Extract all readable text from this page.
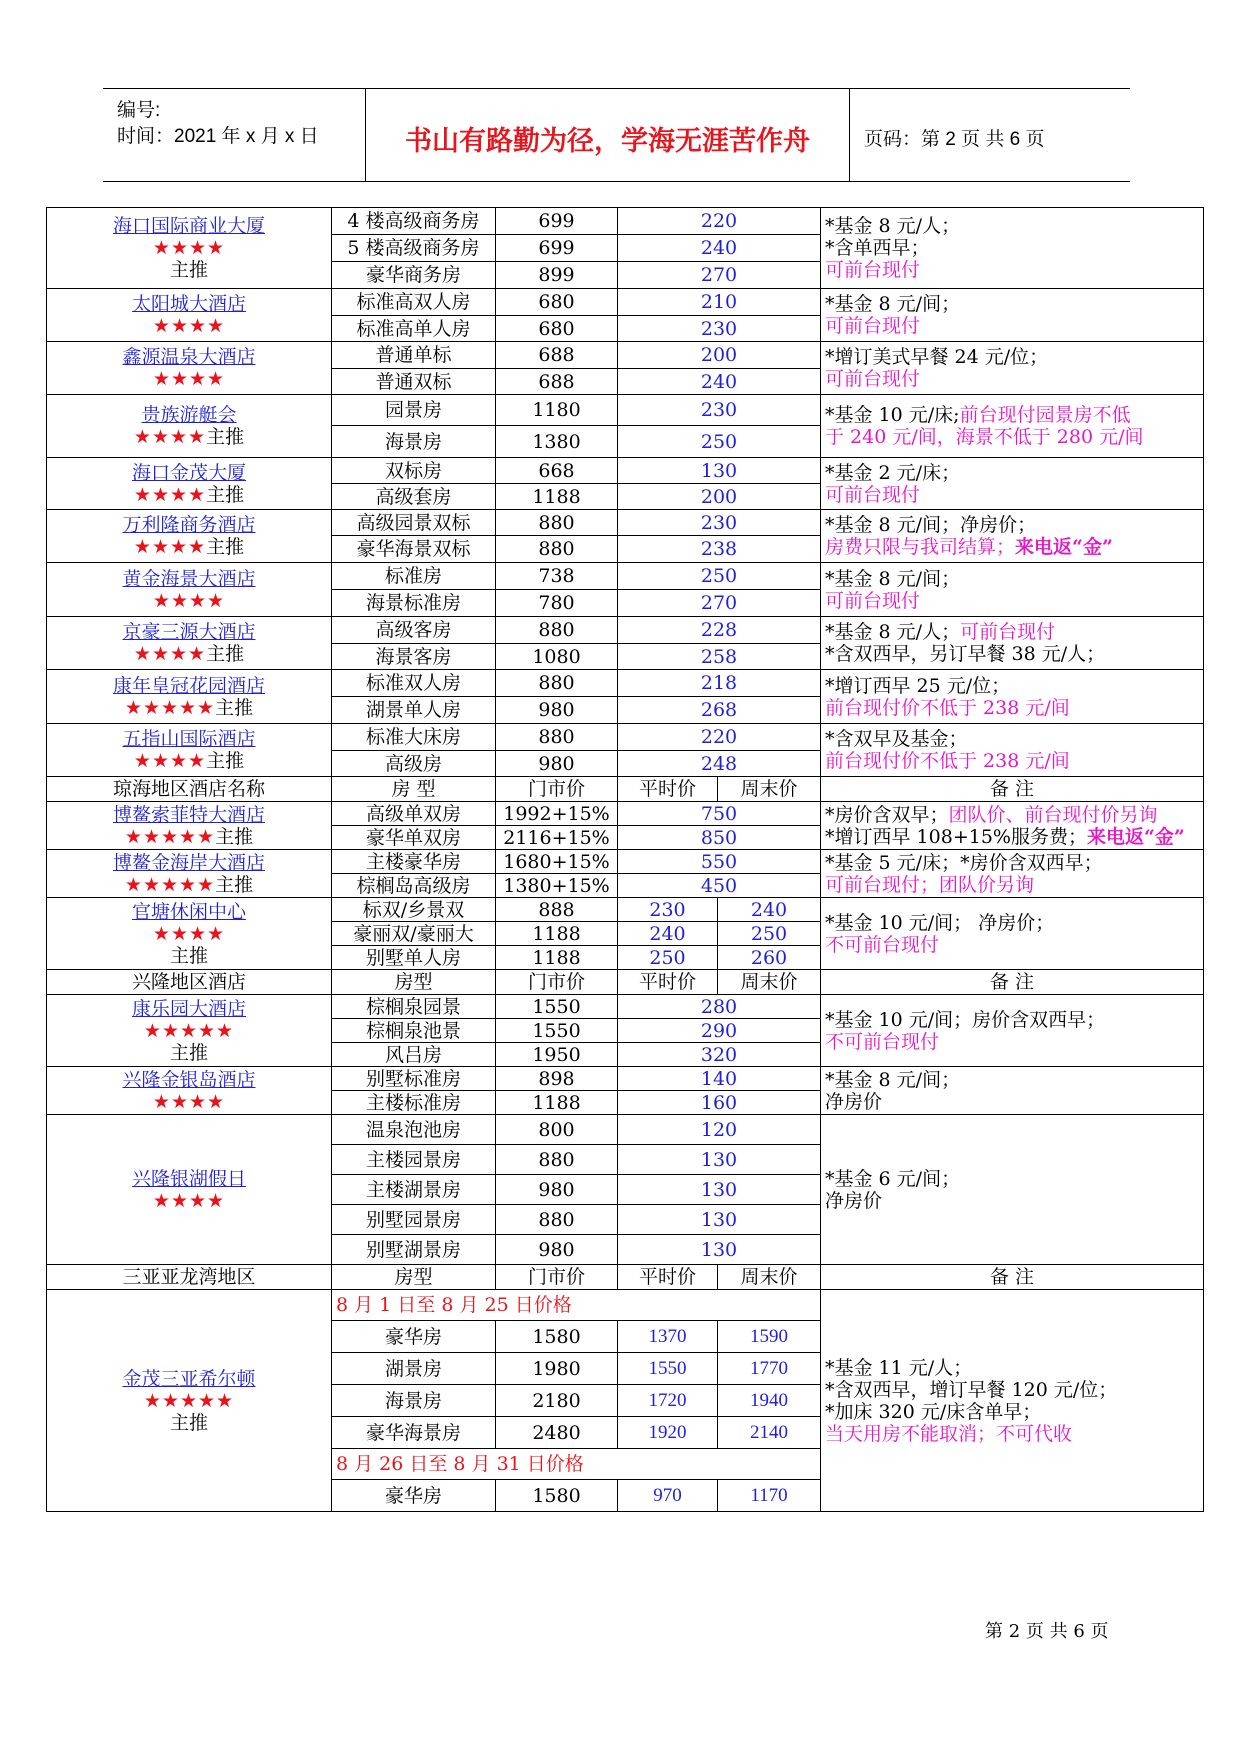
编号:
时间：2021 年 x 月 x 日	书山有路勤为径，学海无涯苦作舟	页码：第 2 页 共 6 页
海口国际商业大厦
★★★★
主推	4 楼高级商务房	699	220		*基金 8 元/人；
*含单西早；
可前台现付
	5 楼高级商务房	699	240		
	豪华商务房	899	270		
太阳城大酒店
★★★★	标准高双人房	680	210		*基金 8 元/间；
可前台现付
	标准高单人房	680	230		
鑫源温泉大酒店
★★★★	普通单标	688	200		*增订美式早餐 24 元/位；
可前台现付
	普通双标	688	240		
贵族游艇会
★★★★主推	园景房	1180	230		*基金 10 元/床;前台现付园景房不低
于 240 元/间，海景不低于 280 元/间
	海景房	1380	250		
海口金茂大厦
★★★★主推	双标房	668	130		*基金 2 元/床；
可前台现付
	高级套房	1188	200		
万利隆商务酒店
★★★★主推	高级园景双标	880	230		*基金 8 元/间；净房价；
房费只限与我司结算；来电返“金”
	豪华海景双标	880	238		
黄金海景大酒店
★★★★	标准房	738	250		*基金 8 元/间；
可前台现付
	海景标准房	780	270		
京豪三源大酒店
★★★★主推	高级客房	880	228		*基金 8 元/人；可前台现付
*含双西早，另订早餐 38 元/人；
	海景客房	1080	258		
康年皇冠花园酒店
★★★★★主推	标准双人房	880	218		*增订西早 25 元/位；
前台现付价不低于 238 元/间
	湖景单人房	980	268		
五指山国际酒店
★★★★主推	标准大床房	880	220		*含双早及基金；
前台现付价不低于 238 元/间
	高级房	980	248		
琼海地区酒店名称	房 型	门市价	平时价	周末价	备 注
博鳌索菲特大酒店
★★★★★主推	高级单双房	1992+15%	750		*房价含双早；团队价、前台现付价另询
*增订西早 108+15%服务费；来电返“金”
	豪华单双房	2116+15%	850		
博鳌金海岸大酒店
★★★★★主推	主楼豪华房	1680+15%	550		*基金 5 元/床；*房价含双西早；
可前台现付；团队价另询
	棕榈岛高级房	1380+15%	450		
官塘休闲中心
★★★★
主推	标双/乡景双	888	230	240	*基金 10 元/间； 净房价；
不可前台现付

	豪丽双/豪丽大	1188	240	250	
	别墅单人房	1188	250	260	
兴隆地区酒店	房型	门市价	平时价	周末价	备 注
康乐园大酒店
★★★★★
主推	棕榈泉园景	1550	280		*基金 10 元/间；房价含双西早；
不可前台现付

	棕榈泉池景	1550	290		
	风吕房	1950	320		
兴隆金银岛酒店
★★★★	别墅标准房	898	140		*基金 8 元/间；
净房价
	主楼标准房	1188	160		
兴隆银湖假日
★★★★	温泉泡池房	800	120		*基金 6 元/间；
净房价
	主楼园景房	880	130		
	主楼湖景房	980	130		
	别墅园景房	880	130		
	别墅湖景房	980	130		
三亚亚龙湾地区	房型	门市价	平时价	周末价	备 注
金茂三亚希尔顿
★★★★★
主推	8 月 1 日至 8 月 25 日价格				*基金 11 元/人；
*含双西早，增订早餐 120 元/位；
*加床 320 元/床含单早；
当天用房不能取消；不可代收
	豪华房	1580	1370	1590	
	湖景房	1980	1550	1770	
	海景房	2180	1720	1940	
	豪华海景房	2480	1920	2140	
	8 月 26 日至 8 月 31 日价格				
	豪华房	1580	970	1170	
第 2 页 共 6 页
